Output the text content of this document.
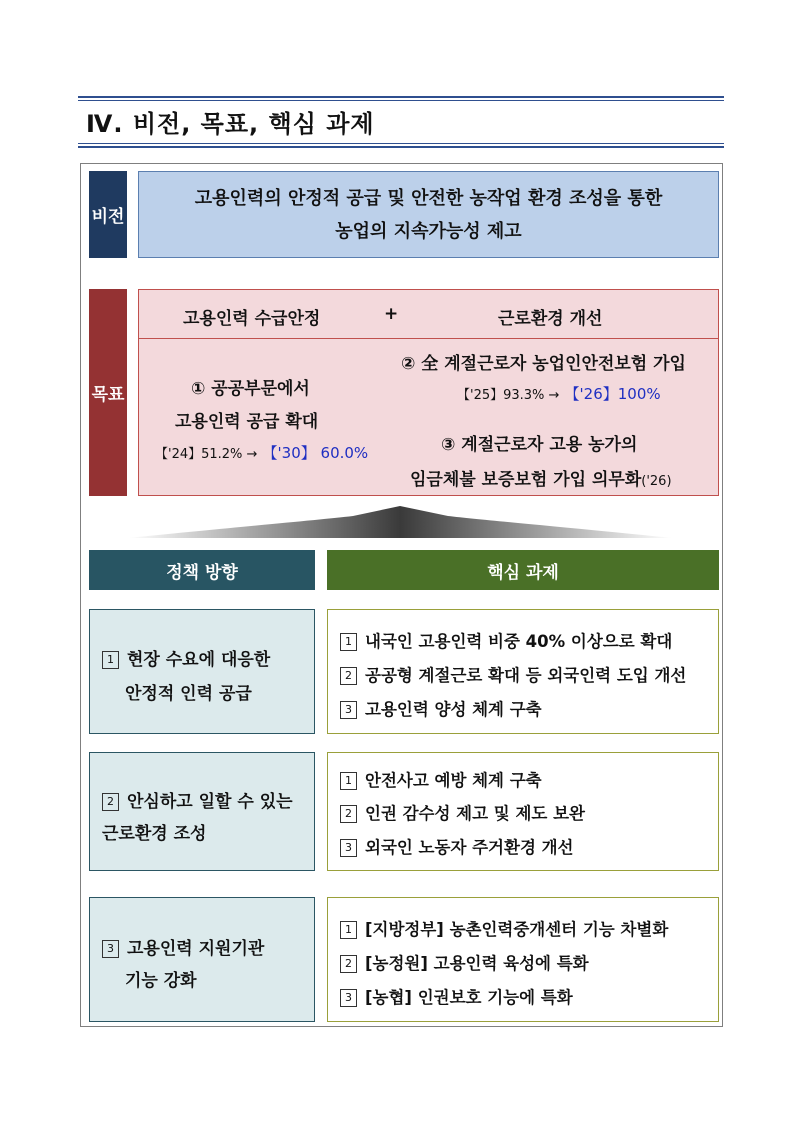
Ⅳ. 비전, 목표, 핵심 과제
비전
고용인력의 안정적 공급 및 안전한 농작업 환경 조성을 통한
농업의 지속가능성 제고
목표
고용인력 수급안정	+	근로환경 개선
① 공공부문에서
고용인력 공급 확대
【'24】51.2% → 【'30】 60.0%
② 全 계절근로자 농업인안전보험 가입
【'25】93.3% → 【'26】100%
③ 계절근로자 고용 농가의
임금체불 보증보험 가입 의무화('26)
정책 방향	핵심 과제
1 현장 수요에 대응한
안정적 인력 공급
1 내국인 고용인력 비중 40% 이상으로 확대
2 공공형 계절근로 확대 등 외국인력 도입 개선
3 고용인력 양성 체계 구축
2 안심하고 일할 수 있는
근로환경 조성
1 안전사고 예방 체계 구축
2 인권 감수성 제고 및 제도 보완
3 외국인 노동자 주거환경 개선
3 고용인력 지원기관
기능 강화
1 [지방정부] 농촌인력중개센터 기능 차별화
2 [농정원] 고용인력 육성에 특화
3 [농협] 인권보호 기능에 특화
